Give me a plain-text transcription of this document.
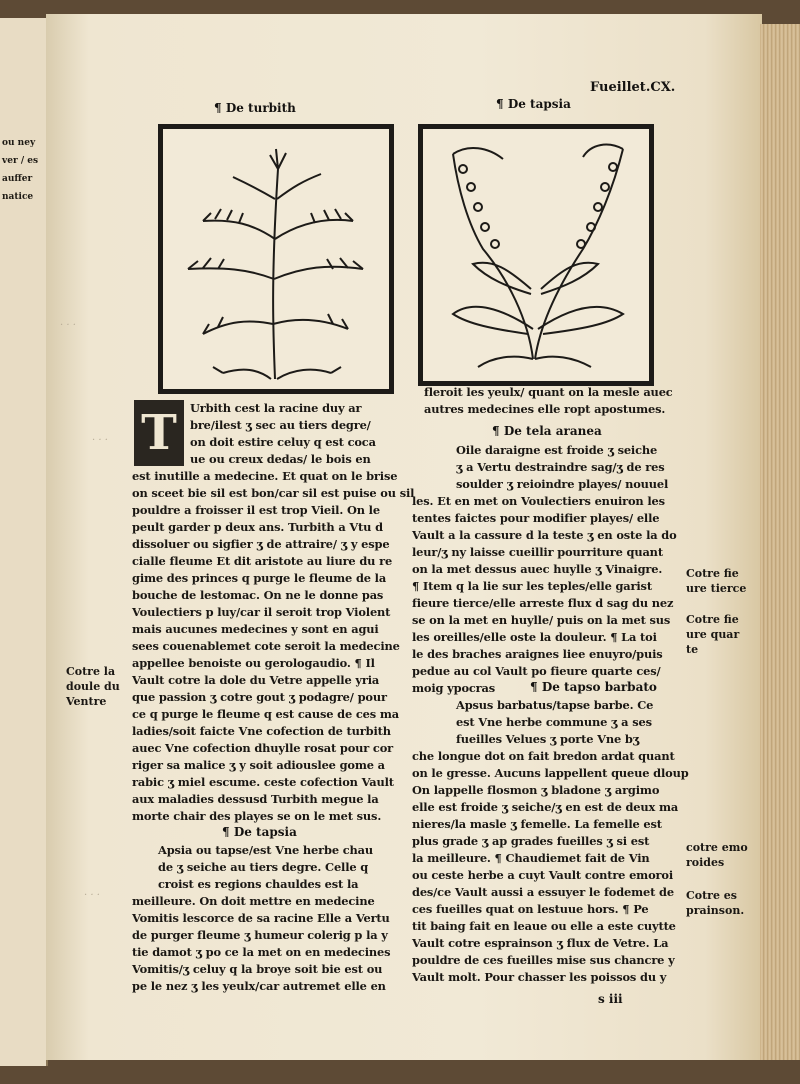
ou ney
ver / es
auffer
natice
· · ·
· · ·
· · ·
Fueillet.CX.
¶ De turbith	¶ De tapsia
T	Urbith cest la racine duy ar
bre/ilest ʒ sec au tiers degre/
on doit estire celuy q est coca
ue ou creux dedas/ le bois en
est inutille a medecine. Et quat on le brise
on sceet bie sil est bon/car sil est puise ou sil
pouldre a froisser il est trop Vieil. On le
peult garder p deux ans. Turbith a Vtu d
dissoluer ou sigfier ʒ de attraire/ ʒ y espe
cialle fleume Et dit aristote au liure du re
gime des princes q purge le fleume de la
bouche de lestomac. On ne le donne pas
Voulectiers p luy/car il seroit trop Violent
mais aucunes medecines y sont en agui
sees couenablemet cote seroit la medecine
appellee benoiste ou gerologaudio. ¶ Il
Vault cotre la dole du Vetre appelle yria
que passion ʒ cotre gout ʒ podagre/ pour
ce q purge le fleume q est cause de ces ma
ladies/soit faicte Vne cofection de turbith
auec Vne cofection dhuylle rosat pour cor
riger sa malice ʒ y soit adiouslee gome a
rabic ʒ miel escume. ceste cofection Vault
aux maladies dessusd Turbith megue la
morte chair des playes se on le met sus.
¶ De tapsia
Apsia ou tapse/est Vne herbe chau
de ʒ seiche au tiers degre. Celle q
croist es regions chauldes est la
meilleure. On doit mettre en medecine
Vomitis lescorce de sa racine Elle a Vertu
de purger fleume ʒ humeur colerig p la y
tie damot ʒ po ce la met on en medecines
Vomitis/ʒ celuy q la broye soit bie est ou
pe le nez ʒ les yeulx/car autremet elle en
fleroit les yeulx/ quant on la mesle auec
autres medecines elle ropt apostumes.
¶ De tela aranea
Oile daraigne est froide ʒ seiche
ʒ a Vertu destraindre sag/ʒ de res
soulder ʒ reioindre playes/ nouuel
les. Et en met on Voulectiers enuiron les
tentes faictes pour modifier playes/ elle
Vault a la cassure d la teste ʒ en oste la do
leur/ʒ ny laisse cueillir pourriture quant
on la met dessus auec huylle ʒ Vinaigre.
¶ Item q la lie sur les teples/elle garist
fieure tierce/elle arreste flux d sag du nez
se on la met en huylle/ puis on la met sus
les oreilles/elle oste la douleur. ¶ La toi
le des braches araignes liee enuyro/puis
pedue au col Vault po fieure quarte ces/
moig ypocras	¶ De tapso barbato
Apsus barbatus/tapse barbe. Ce
est Vne herbe commune ʒ a ses
fueilles Velues ʒ porte Vne bʒ
che longue dot on fait bredon ardat quant
on le gresse. Aucuns lappellent queue dloup
On lappelle flosmon ʒ bladone ʒ argimo
elle est froide ʒ seiche/ʒ en est de deux ma
nieres/la masle ʒ femelle. La femelle est
plus grade ʒ ap grades fueilles ʒ si est
la meilleure. ¶ Chaudiemet fait de Vin
ou ceste herbe a cuyt Vault contre emoroi
des/ce Vault aussi a essuyer le fodemet de
ces fueilles quat on lestuue hors. ¶ Pe
tit baing fait en leaue ou elle a este cuytte
Vault cotre esprainson ʒ flux de Vetre. La
pouldre de ces fueilles mise sus chancre y
Vault molt. Pour chasser les poissos du y
s iii
Cotre la
doule du
Ventre
Cotre fie
ure tierce
Cotre fie
ure quar
te
cotre emo
roides
Cotre es
prainson.
